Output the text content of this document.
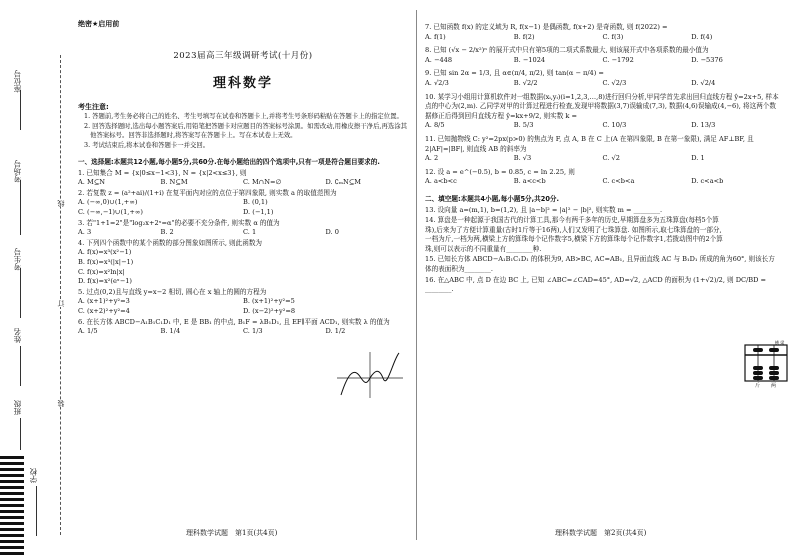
座位号
考场号
考生号
姓名
班级
学校
线
订
装
绝密★启用前
2023届高三年级调研考试(十月份)
理科数学
考生注意:
1. 答题前,考生务必将自己的姓名、考生号填写在试卷和答题卡上,并将考生号条形码粘贴在答题卡上的指定位置。
2. 回答选择题时,选出每小题答案后,用铅笔把答题卡对应题目的答案标号涂黑。如需改动,用橡皮擦干净后,再选涂其他答案标号。回答非选择题时,将答案写在答题卡上。写在本试卷上无效。
3. 考试结束后,将本试卷和答题卡一并交回。
一、选择题:本题共12小题,每小题5分,共60分.在每小题给出的四个选项中,只有一项是符合题目要求的.
1. 已知集合 M = {x|0≤x−1<3}, N = {x|2<x≤3}, 则
A. M⊆N	B. N⊆M	C. M∩N=∅	D. ∁ₘN⊆M
2. 若复数 z = (a²+ai)/(1+i) 在复平面内对应的点位于第四象限, 则实数 a 的取值范围为
A. (−∞,0)∪(1,+∞)	B. (0,1)
C. (−∞,−1)∪(1,+∞)	D. (−1,1)
3. 若"1+1=2"是"log₂x+2ˣ=α"的必要不充分条件, 则实数 α 的值为
A. 3	B. 2	C. 1	D. 0
4. 下列四个函数中的某个函数的部分图象如图所示, 则此函数为
A. f(x)=x³(x²−1)
B. f(x)=x³(|x|−1)
C. f(x)=x²ln|x|
D. f(x)=x²(eˣ−1)
5. 过点(0,2)且与直线 y=x−2 相切, 圆心在 x 轴上的圆的方程为
A. (x+1)²+y²=3	B. (x+1)²+y²=5
C. (x+2)²+y²=4	D. (x−2)²+y²=8
6. 在长方体 ABCD−A₁B₁C₁D₁ 中, E 是 BB₁ 的中点, B₁F = λB₁D₁, 且 EF∥平面 ACD₁, 则实数 λ 的值为
A. 1/5	B. 1/4	C. 1/3	D. 1/2
7. 已知函数 f(x) 的定义域为 R, f(x−1) 是偶函数, f(x+2) 是奇函数, 则 f(2022) =
A. f(1)	B. f(2)	C. f(3)	D. f(4)
8. 已知 (√x − 2/x²)ⁿ 的展开式中只有第5项的二项式系数最大, 则该展开式中各项系数的最小值为
A. −448	B. −1024	C. −1792	D. −5376
9. 已知 sin 2α = 1/3, 且 α∈(π/4, π/2), 则 tan(α − π/4) =
A. √2/3	B. √2/2	C. √2/3	D. √2/4
10. 某学习小组用计算机软件对一组数据(xᵢ,yᵢ)(i=1,2,3,…,8)进行回归分析,甲同学首先求出回归直线方程 ŷ=2x+5, 样本点的中心为(2,m). 乙同学对甲的计算过程进行检查,发现甲将数据(3,7)误输成(7,3), 数据(4,6)误输成(4,−6), 将这两个数据修正后得到回归直线方程 ŷ=kx+9/2, 则实数 k =
A. 8/5	B. 5/3	C. 10/3	D. 13/3
11. 已知抛物线 C: y²=2px(p>0) 的焦点为 F, 点 A, B 在 C 上(A 在第四象限, B 在第一象限), 满足 AF⊥BF, 且 2|AF|=|BF|, 则直线 AB 的斜率为
A. 2	B. √3	C. √2	D. 1
12. 设 a = e^(−0.5), b = 0.85, c = ln 2.25, 则
A. a<b<c	B. a<c<b	C. c<b<a	D. c<a<b
二、填空题:本题共4小题,每小题5分,共20分.
13. 设向量 a=(m,1), b=(1,2), 且 |a−b|² = |a|² − |b|², 则实数 m = ________.
14. 算盘是一种起源于我国古代的计算工具,那今有两千多年的历史,早期算盘多为五珠算盘(每档5个算珠),后来为了方便计算重量(古时1斤等于16两),人们又发明了七珠算盘. 如图所示,取七珠算盘的一部分,一档为斤,一档为两,横梁上方的算珠每个记作数字5,横梁下方的算珠每个记作数字1,若拨动图中的2个算珠,则可以表示的不同重量有________种.
15. 已知长方体 ABCD−A₁B₁C₁D₁ 的体积为9, AB>BC, AC=AB₁, 且异面直线 AC 与 B₁D₁ 所成的角为60°, 则该长方体的表面积为________.
16. 在△ABC 中, 点 D 在边 BC 上, 已知 ∠ABC=∠CAD=45°, AD=√2, △ACD 的面积为 (1+√2)/2, 则 DC/BD = ________.
横 梁
斤 两
理科数学试题　第1页(共4页)	理科数学试题　第2页(共4页)
